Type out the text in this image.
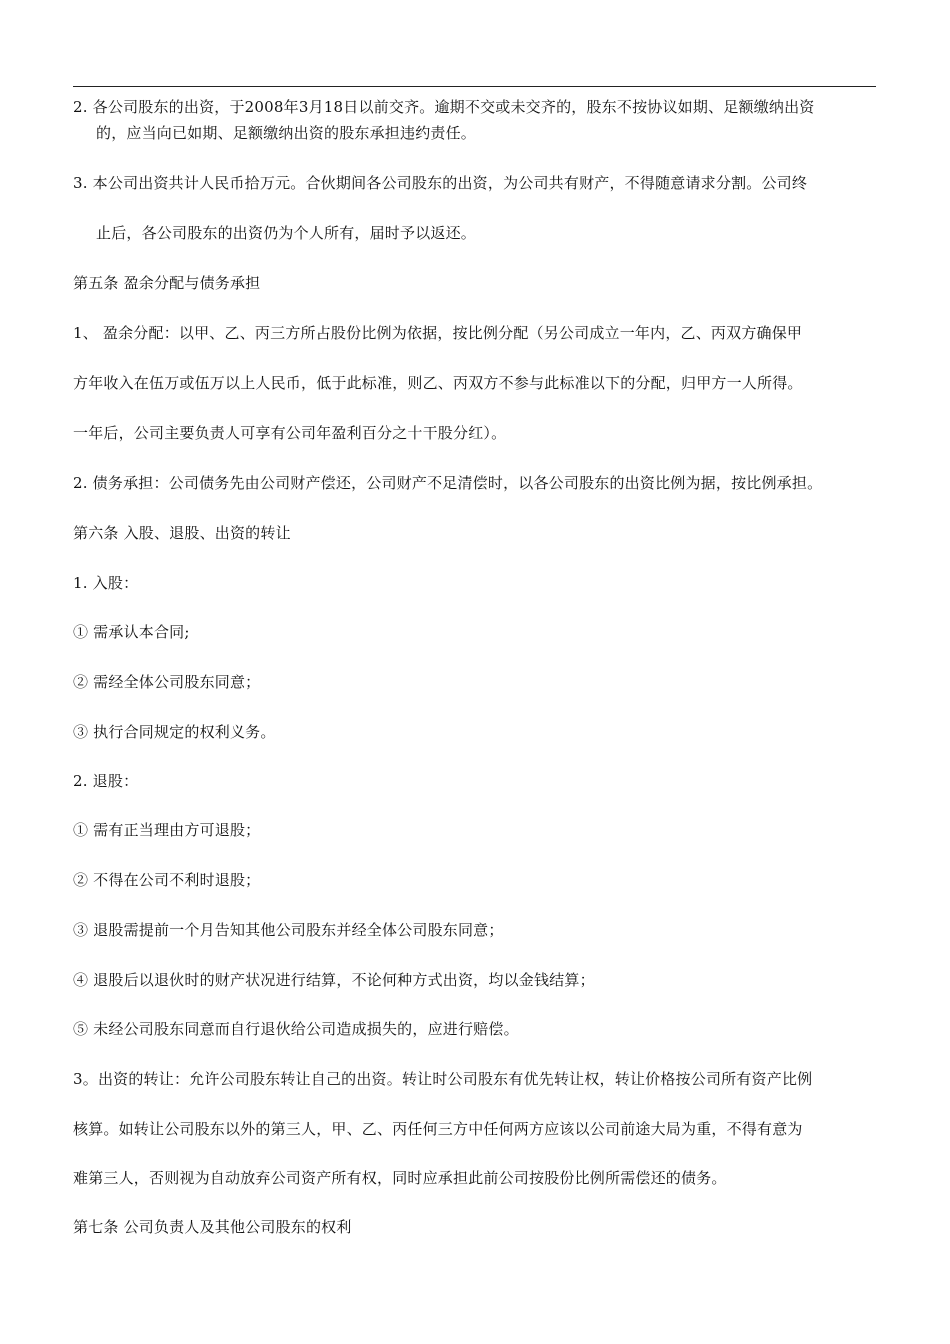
2. 各公司股东的出资，于2008年3月18日以前交齐。逾期不交或未交齐的，股东不按协议如期、足额缴纳出资
的，应当向已如期、足额缴纳出资的股东承担违约责任。
3. 本公司出资共计人民币拾万元。合伙期间各公司股东的出资，为公司共有财产，不得随意请求分割。公司终
止后，各公司股东的出资仍为个人所有，届时予以返还。
第五条 盈余分配与债务承担
1、 盈余分配：以甲、乙、丙三方所占股份比例为依据，按比例分配（另公司成立一年内，乙、丙双方确保甲
方年收入在伍万或伍万以上人民币，低于此标准，则乙、丙双方不参与此标准以下的分配，归甲方一人所得。
一年后，公司主要负责人可享有公司年盈利百分之十干股分红）。
2. 债务承担：公司债务先由公司财产偿还，公司财产不足清偿时，以各公司股东的出资比例为据，按比例承担。
第六条 入股、退股、出资的转让
1. 入股：
① 需承认本合同;
② 需经全体公司股东同意；
③ 执行合同规定的权利义务。
2. 退股：
① 需有正当理由方可退股；
② 不得在公司不利时退股；
③ 退股需提前一个月告知其他公司股东并经全体公司股东同意；
④ 退股后以退伙时的财产状况进行结算，不论何种方式出资，均以金钱结算；
⑤ 未经公司股东同意而自行退伙给公司造成损失的，应进行赔偿。
3。出资的转让：允许公司股东转让自己的出资。转让时公司股东有优先转让权，转让价格按公司所有资产比例
核算。如转让公司股东以外的第三人，甲、乙、丙任何三方中任何两方应该以公司前途大局为重，不得有意为
难第三人，否则视为自动放弃公司资产所有权，同时应承担此前公司按股份比例所需偿还的债务。
第七条 公司负责人及其他公司股东的权利
